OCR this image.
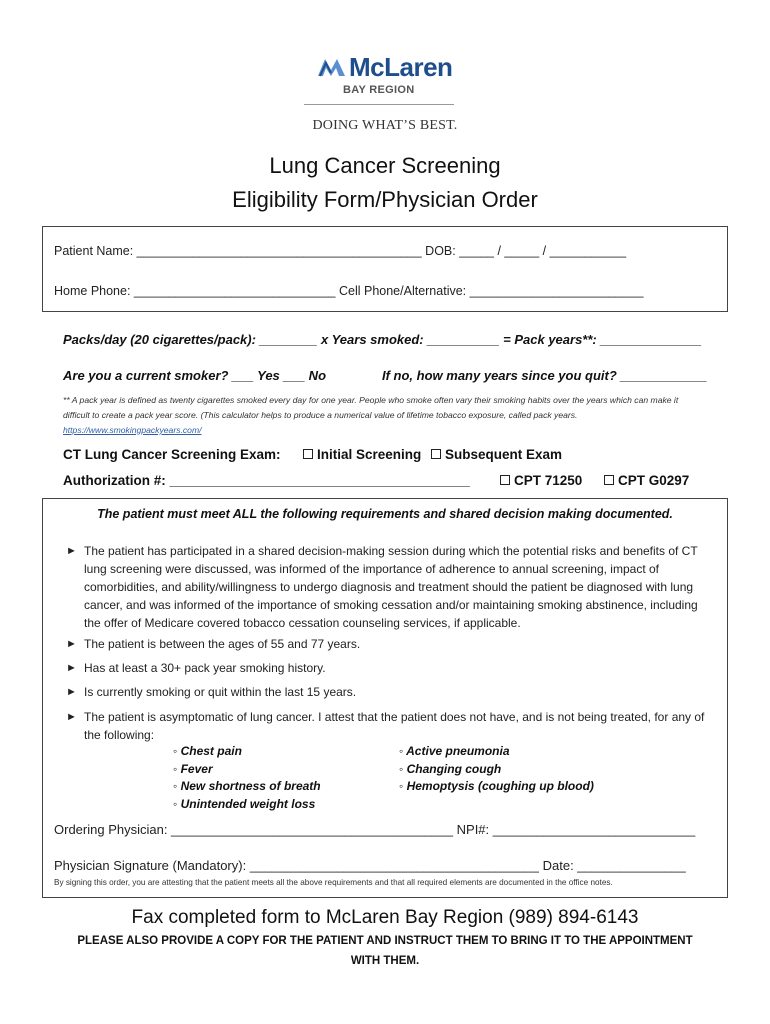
McLaren
BAY REGION
DOING WHAT’S BEST.
Lung Cancer Screening
Eligibility Form/Physician Order
Patient Name: _________________________________________ DOB: _____ / _____ / ___________
Home Phone: _____________________________ Cell Phone/Alternative: _________________________
Packs/day (20 cigarettes/pack): ________ x Years smoked: __________ = Pack years**: ______________
Are you a current smoker? ___ Yes ___ No	If no, how many years since you quit? ____________
** A pack year is defined as twenty cigarettes smoked every day for one year. People who smoke often vary their smoking habits over the years which can make it difficult to create a pack year score. (This calculator helps to produce a numerical value of lifetime tobacco exposure, called pack years. https://www.smokingpackyears.com/
CT Lung Cancer Screening Exam:	Initial Screening	Subsequent Exam
Authorization #: ________________________________________	CPT 71250	CPT G0297
The patient must meet ALL the following requirements and shared decision making documented.
► The patient has participated in a shared decision-making session during which the potential risks and benefits of CT lung screening were discussed, was informed of the importance of adherence to annual screening, impact of comorbidities, and ability/willingness to undergo diagnosis and treatment should the patient be diagnosed with lung cancer, and was informed of the importance of smoking cessation and/or maintaining smoking abstinence, including the offer of Medicare covered tobacco cessation counseling services, if applicable.
► The patient is between the ages of 55 and 77 years.
► Has at least a 30+ pack year smoking history.
► Is currently smoking or quit within the last 15 years.
► The patient is asymptomatic of lung cancer. I attest that the patient does not have, and is not being treated, for any of the following:
◦ Chest pain
◦ Fever
◦ New shortness of breath
◦ Unintended weight loss
◦ Active pneumonia
◦ Changing cough
◦ Hemoptysis (coughing up blood)
Ordering Physician: _______________________________________ NPI#: ____________________________
Physician Signature (Mandatory): ________________________________________ Date: _______________
By signing this order, you are attesting that the patient meets all the above requirements and that all required elements are documented in the office notes.
Fax completed form to McLaren Bay Region (989) 894-6143
PLEASE ALSO PROVIDE A COPY FOR THE PATIENT AND INSTRUCT THEM TO BRING IT TO THE APPOINTMENT
WITH THEM.
